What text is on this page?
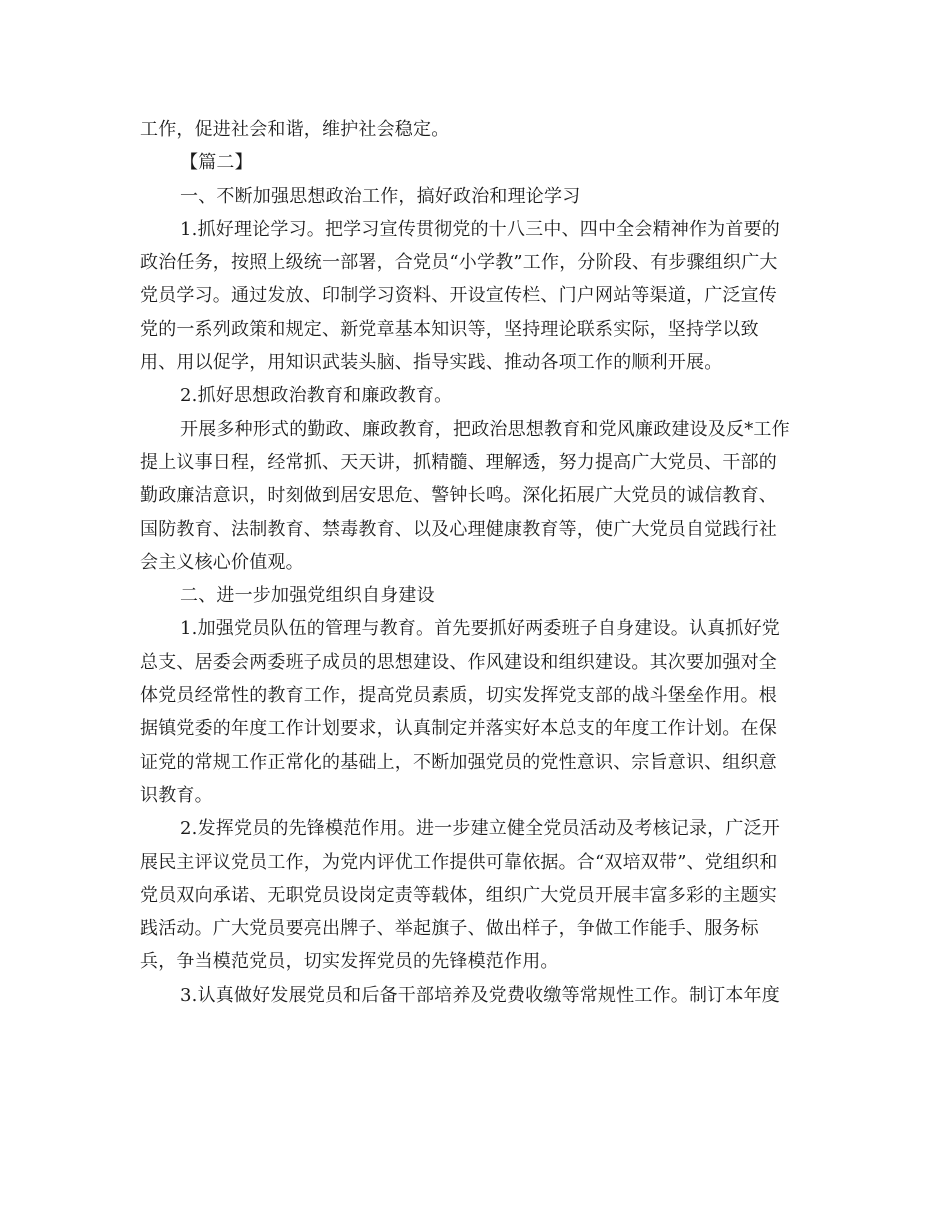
工作，促进社会和谐，维护社会稳定。
【篇二】
一、不断加强思想政治工作，搞好政治和理论学习
1.抓好理论学习。把学习宣传贯彻党的十八三中、四中全会精神作为首要的
政治任务，按照上级统一部署，合党员“小学教”工作，分阶段、有步骤组织广大
党员学习。通过发放、印制学习资料、开设宣传栏、门户网站等渠道，广泛宣传
党的一系列政策和规定、新党章基本知识等，坚持理论联系实际，坚持学以致
用、用以促学，用知识武装头脑、指导实践、推动各项工作的顺利开展。
2.抓好思想政治教育和廉政教育。
开展多种形式的勤政、廉政教育，把政治思想教育和党风廉政建设及反*工作
提上议事日程，经常抓、天天讲，抓精髓、理解透，努力提高广大党员、干部的
勤政廉洁意识，时刻做到居安思危、警钟长鸣。深化拓展广大党员的诚信教育、
国防教育、法制教育、禁毒教育、以及心理健康教育等，使广大党员自觉践行社
会主义核心价值观。
二、进一步加强党组织自身建设
1.加强党员队伍的管理与教育。首先要抓好两委班子自身建设。认真抓好党
总支、居委会两委班子成员的思想建设、作风建设和组织建设。其次要加强对全
体党员经常性的教育工作，提高党员素质，切实发挥党支部的战斗堡垒作用。根
据镇党委的年度工作计划要求，认真制定并落实好本总支的年度工作计划。在保
证党的常规工作正常化的基础上，不断加强党员的党性意识、宗旨意识、组织意
识教育。
2.发挥党员的先锋模范作用。进一步建立健全党员活动及考核记录，广泛开
展民主评议党员工作，为党内评优工作提供可靠依据。合“双培双带”、党组织和
党员双向承诺、无职党员设岗定责等载体，组织广大党员开展丰富多彩的主题实
践活动。广大党员要亮出牌子、举起旗子、做出样子，争做工作能手、服务标
兵，争当模范党员，切实发挥党员的先锋模范作用。
3.认真做好发展党员和后备干部培养及党费收缴等常规性工作。制订本年度
